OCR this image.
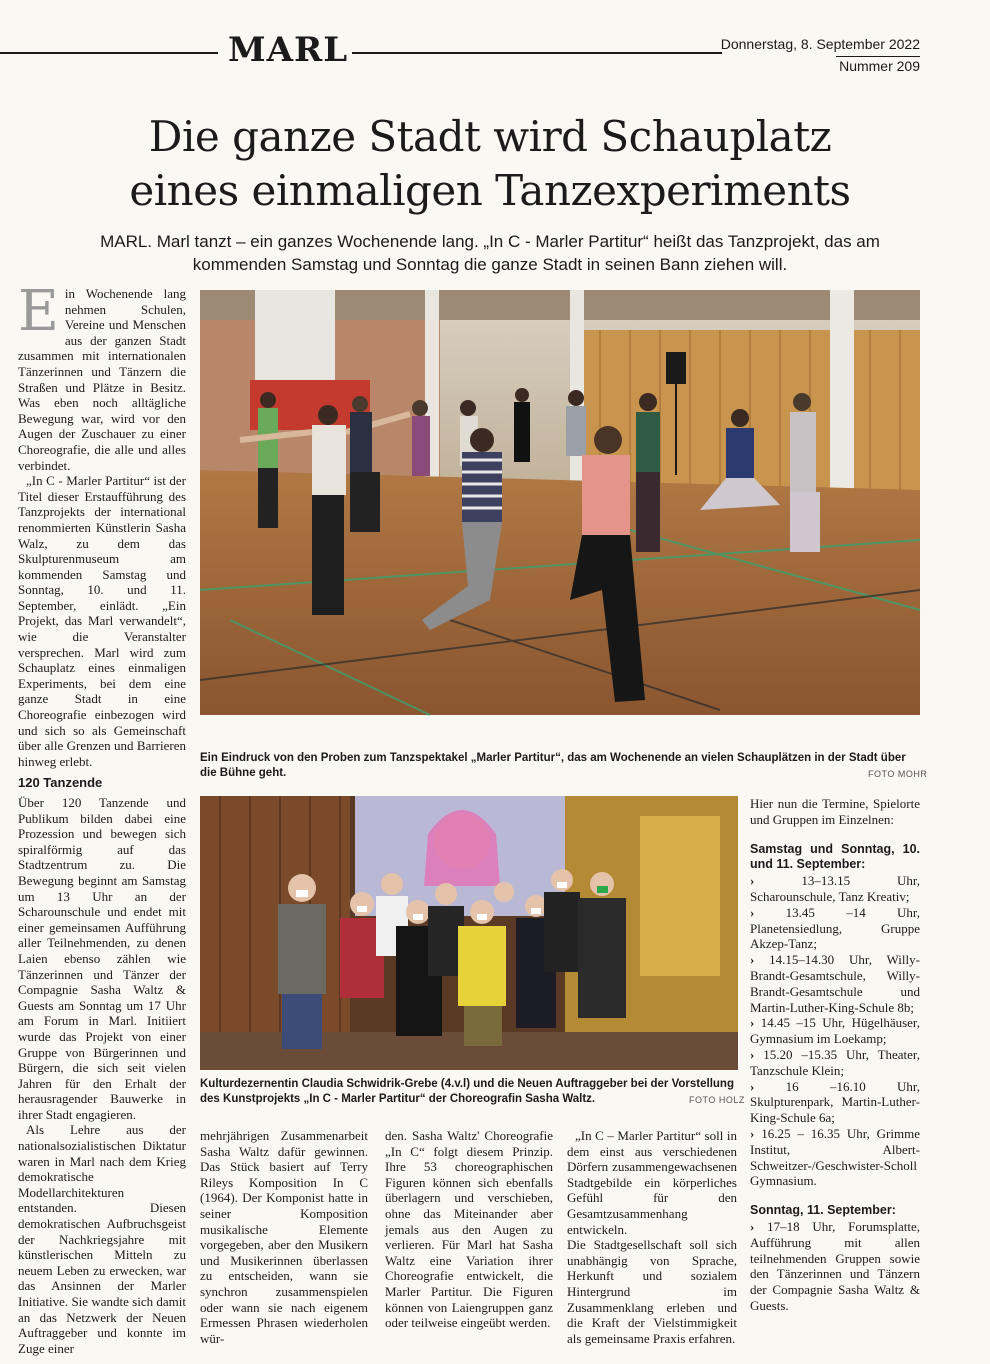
MARL	Donnerstag, 8. September 2022
Nummer 209
Die ganze Stadt wird Schauplatz
eines einmaligen Tanzexperiments
MARL. Marl tanzt – ein ganzes Wochenende lang. „In C - Marler Partitur“ heißt das Tanzprojekt, das am
kommenden Samstag und Sonntag die ganze Stadt in seinen Bann ziehen will.

Ein Wochenende lang nehmen Schulen, Vereine und Menschen aus der ganzen Stadt zusammen mit internationalen Tänzerinnen und Tänzern die Straßen und Plätze in Besitz. Was eben noch alltägliche Bewegung war, wird vor den Augen der Zuschauer zu einer Choreografie, die alle und alles verbindet.

„In C - Marler Partitur“ ist der Titel dieser Erstaufführung des Tanzprojekts der international renommierten Künstlerin Sasha Walz, zu dem das Skulpturenmuseum am kommenden Samstag und Sonntag, 10. und 11. September, einlädt. „Ein Projekt, das Marl verwandelt“, wie die Veranstalter versprechen. Marl wird zum Schauplatz eines einmaligen Experiments, bei dem eine ganze Stadt in eine Choreografie einbezogen wird und sich so als Gemeinschaft über alle Grenzen und Barrieren hinweg erlebt.

120 Tanzende

Über 120 Tanzende und Publikum bilden dabei eine Prozession und bewegen sich spiralförmig auf das Stadtzentrum zu. Die Bewegung beginnt am Samstag um 13 Uhr an der Scharounschule und endet mit einer gemeinsamen Aufführung aller Teilnehmenden, zu denen Laien ebenso zählen wie Tänzerinnen und Tänzer der Compagnie Sasha Waltz & Guests am Sonntag um 17 Uhr am Forum in Marl. Initiiert wurde das Projekt von einer Gruppe von Bürgerinnen und Bürgern, die sich seit vielen Jahren für den Erhalt der herausragender Bauwerke in ihrer Stadt engagieren.

Als Lehre aus der nationalsozialistischen Diktatur waren in Marl nach dem Krieg demokratische Modellarchitekturen entstanden. Diesen demokratischen Aufbruchsgeist der Nachkriegsjahre mit künstlerischen Mitteln zu neuem Leben zu erwecken, war das Ansinnen der Marler Initiative. Sie wandte sich damit an das Netzwerk der Neuen Auftraggeber und konnte im Zuge einer

Ein Eindruck von den Proben zum Tanzspektakel „Marler Partitur“, das am Wochenende an vielen Schauplätzen in der Stadt über die Bühne geht.	FOTO MOHR
Kulturdezernentin Claudia Schwidrik-Grebe (4.v.l) und die Neuen Auftraggeber bei der Vorstellung des Kunstprojekts „In C - Marler Partitur“ der Choreografin Sasha Waltz.	FOTO HOLZ
mehrjährigen Zusammenarbeit Sasha Waltz dafür gewinnen. Das Stück basiert auf Terry Rileys Komposition In C (1964). Der Komponist hatte in seiner Komposition musikalische Elemente vorgegeben, aber den Musikern und Musikerinnen überlassen zu entscheiden, wann sie synchron zusammenspielen oder wann sie nach eigenem Ermessen Phrasen wiederholen wür-
den. Sasha Waltz' Choreografie „In C“ folgt diesem Prinzip. Ihre 53 choreographischen Figuren können sich ebenfalls überlagern und verschieben, ohne das Miteinander aber jemals aus den Augen zu verlieren. Für Marl hat Sasha Waltz eine Variation ihrer Choreografie entwickelt, die Marler Partitur. Die Figuren können von Laiengruppen ganz oder teilweise eingeübt werden.

„In C – Marler Partitur“ soll in dem einst aus verschiedenen Dörfern zusammengewachsenen Stadtgebilde ein körperliches Gefühl für den Gesamtzusammenhang entwickeln.

Die Stadtgesellschaft soll sich unabhängig von Sprache, Herkunft und sozialem Hintergrund im Zusammenklang erleben und die Kraft der Vielstimmigkeit als gemeinsame Praxis erfahren.

Hier nun die Termine, Spielorte und Gruppen im Einzelnen:

Samstag und Sonntag, 10. und 11. September:

› 13–13.15 Uhr, Scharounschule, Tanz Kreativ;

› 13.45 –14 Uhr, Planetensiedlung, Gruppe Akzep-Tanz;

› 14.15–14.30 Uhr, Willy-Brandt-Gesamtschule, Willy-Brandt-Gesamtschule und Martin-Luther-King-Schule 8b;

› 14.45 –15 Uhr, Hügelhäuser, Gymnasium im Loekamp;

› 15.20 –15.35 Uhr, Theater, Tanzschule Klein;

› 16 –16.10 Uhr, Skulpturenpark, Martin-Luther-King-Schule 6a;

› 16.25 – 16.35 Uhr, Grimme Institut, Albert-Schweitzer-/Geschwister-Scholl Gymnasium.

Sonntag, 11. September:

› 17–18 Uhr, Forumsplatte, Aufführung mit allen teilnehmenden Gruppen sowie den Tänzerinnen und Tänzern der Compagnie Sasha Waltz & Guests.
